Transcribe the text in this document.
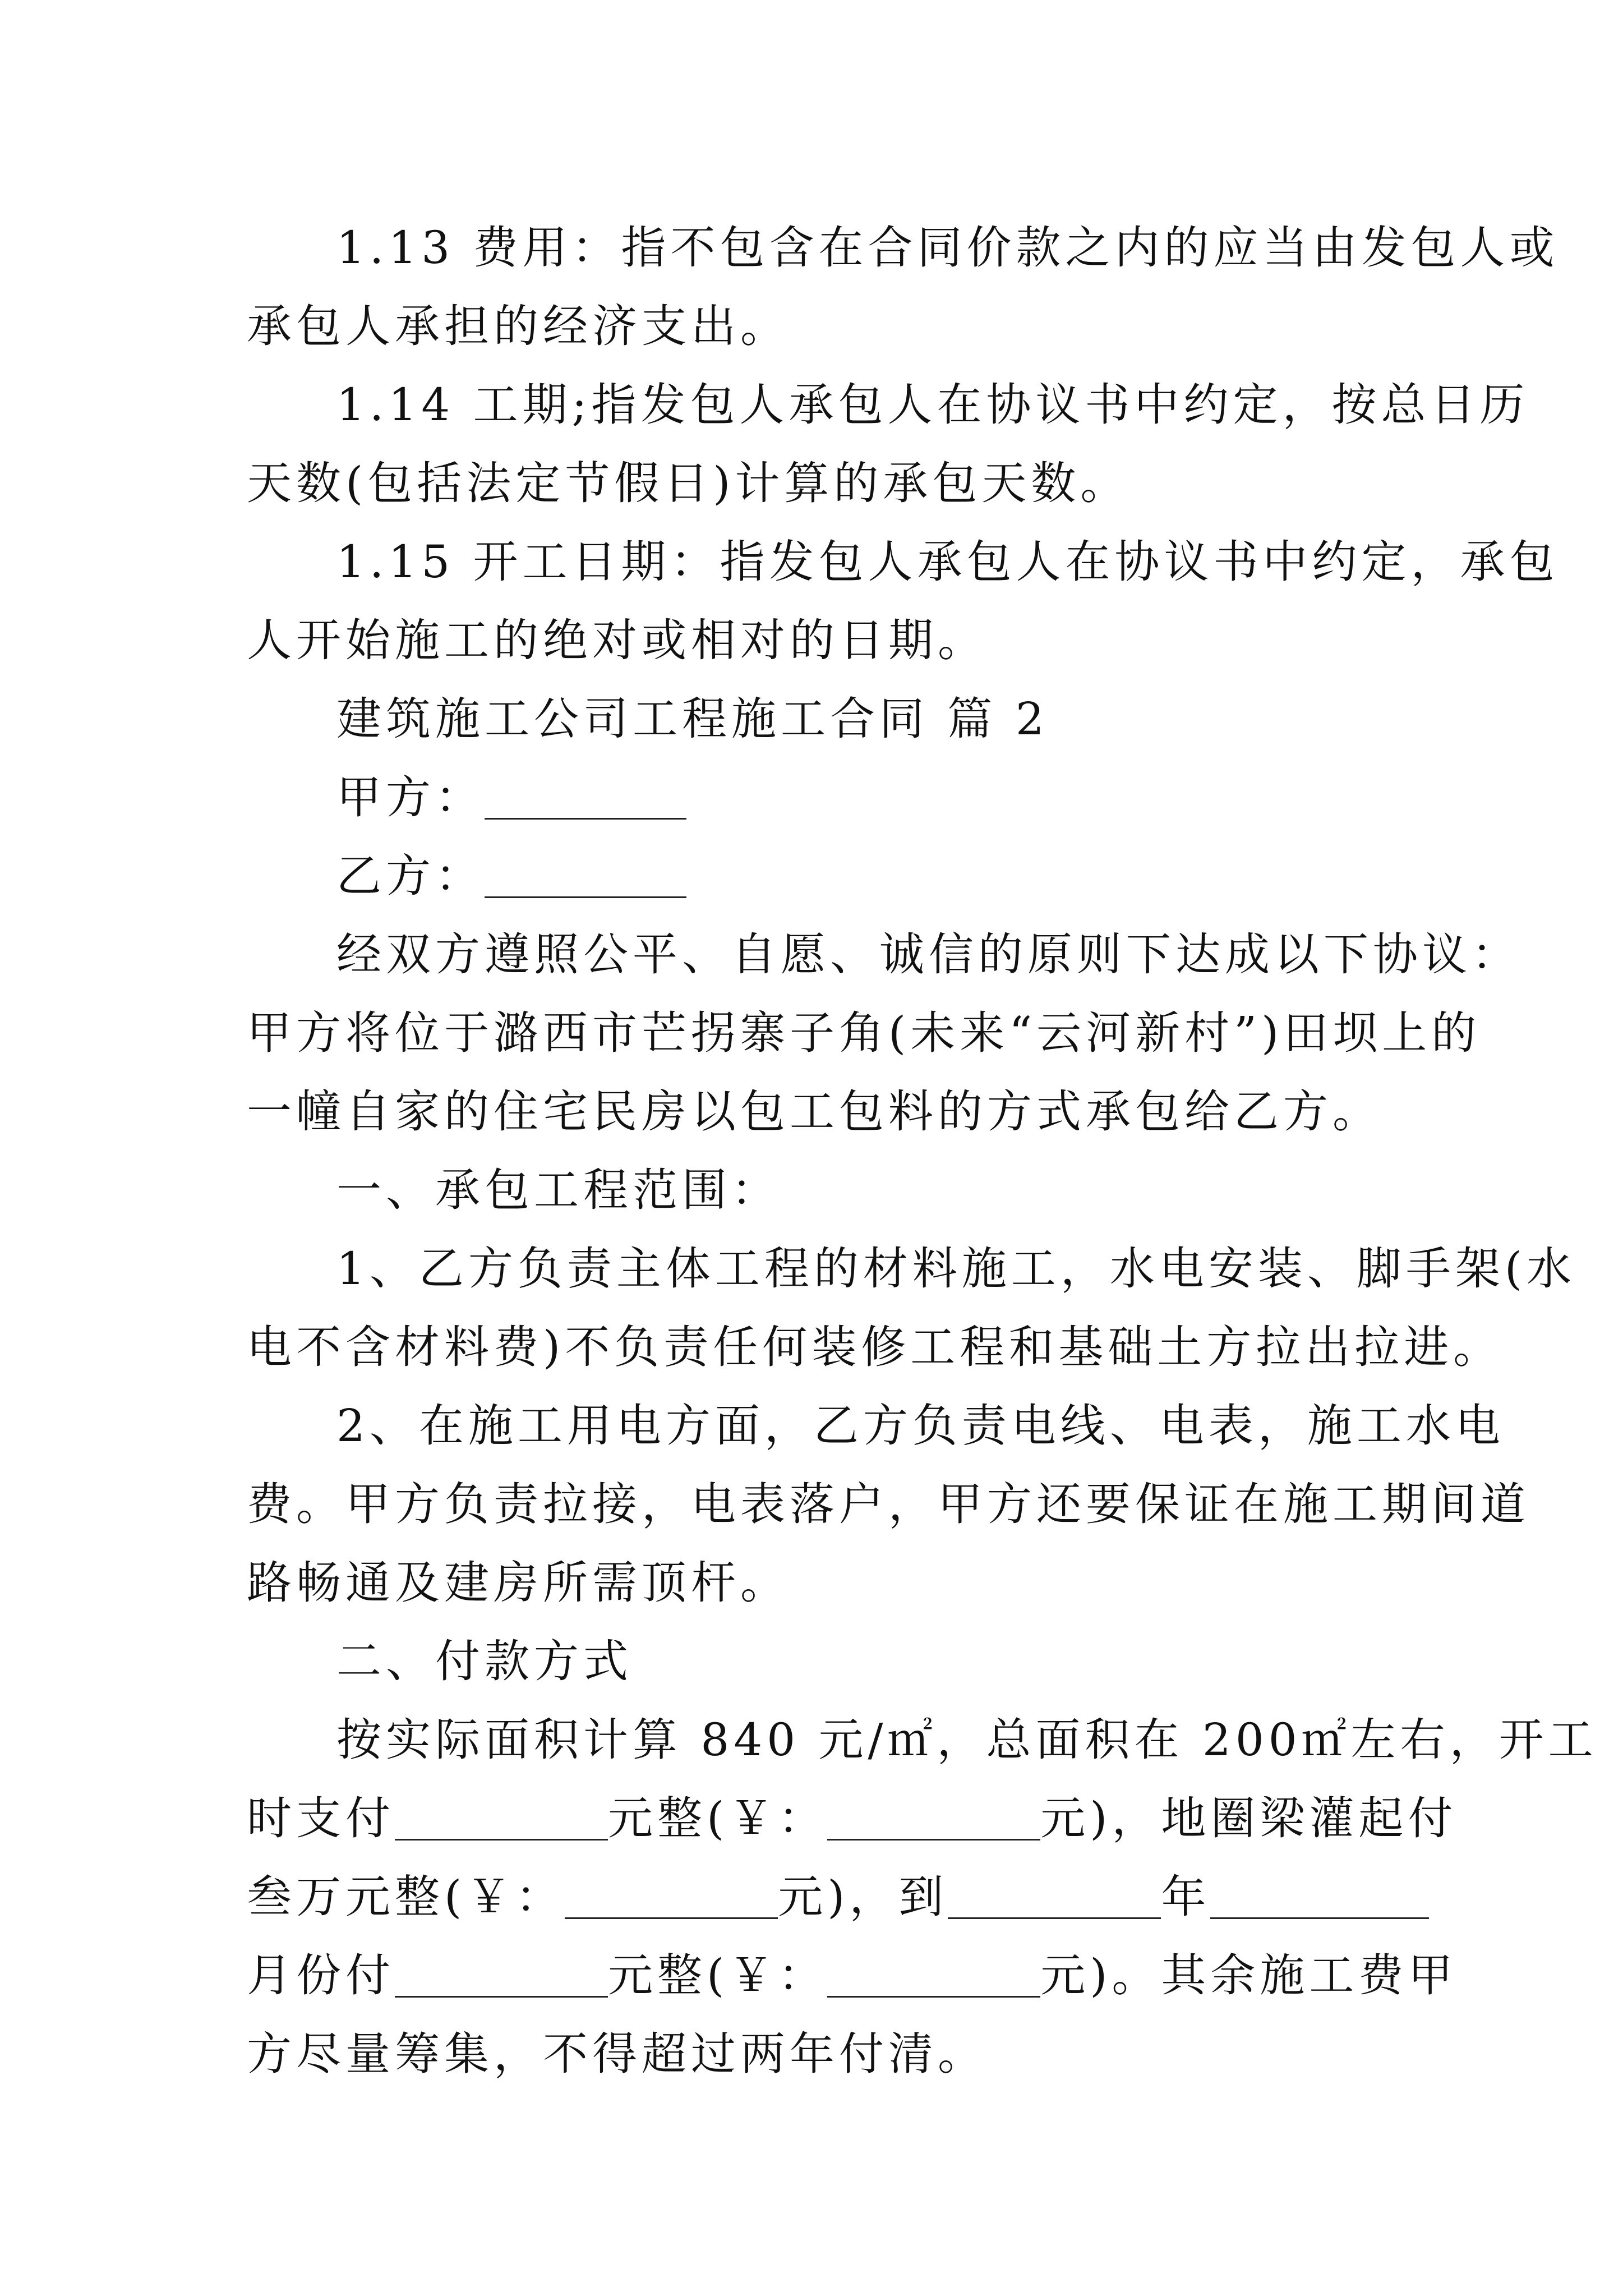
1.13 费用：指不包含在合同价款之内的应当由发包人或
承包人承担的经济支出。
1.14 工期;指发包人承包人在协议书中约定，按总日历
天数(包括法定节假日)计算的承包天数。
1.15 开工日期：指发包人承包人在协议书中约定，承包
人开始施工的绝对或相对的日期。
建筑施工公司工程施工合同 篇 2
甲方：
乙方：
经双方遵照公平、自愿、诚信的原则下达成以下协议：
甲方将位于潞西市芒拐寨子角(未来“云河新村”)田坝上的
一幢自家的住宅民房以包工包料的方式承包给乙方。
一、承包工程范围：
1、乙方负责主体工程的材料施工，水电安装、脚手架(水
电不含材料费)不负责任何装修工程和基础土方拉出拉进。
2、在施工用电方面，乙方负责电线、电表，施工水电
费。甲方负责拉接，电表落户，甲方还要保证在施工期间道
路畅通及建房所需顶杆。
二、付款方式
按实际面积计算 840 元/㎡，总面积在 200㎡左右，开工
时支付	元整(￥：	元)，地圈梁灌起付
叁万元整(￥：	元)，到	年
月份付	元整(￥：	元)。其余施工费甲
方尽量筹集，不得超过两年付清。
